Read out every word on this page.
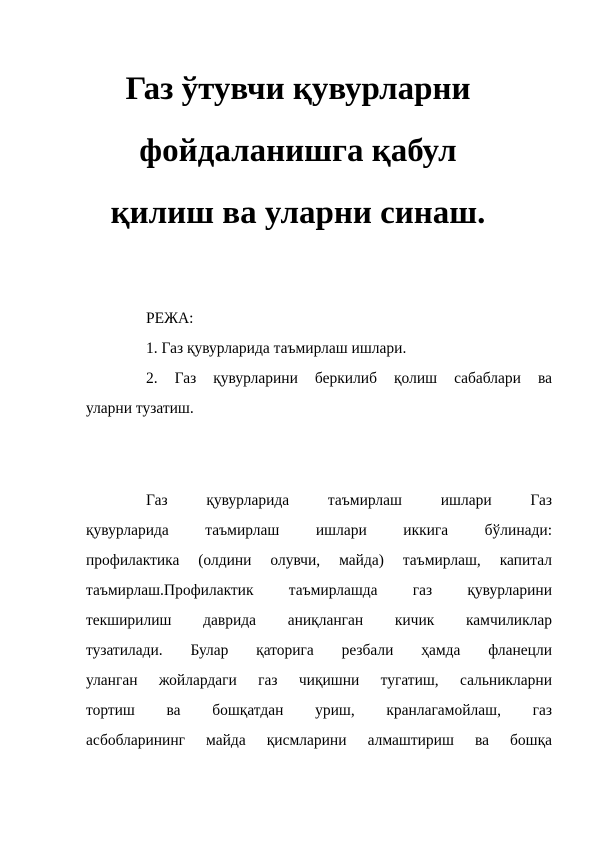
Газ ўтувчи қувурларни
фойдаланишга қабул
қилиш ва уларни синаш.
РЕЖА:
1. Газ қувурларида таъмирлаш ишлари.
2. Газ қувурларини беркилиб қолиш сабаблари ва
уларни тузатиш.
Газ қувурларида таъмирлаш ишлари Газ
қувурларида таъмирлаш ишлари иккига бўлинади:
профилактика (олдини олувчи, майда) таъмирлаш, капитал
таъмирлаш.Профилактик таъмирлашда газ қувурларини
текширилиш даврида аниқланган кичик камчиликлар
тузатилади. Булар қаторига резбали ҳамда фланецли
уланган жойлардаги газ чиқишни тугатиш, сальникларни
тортиш ва бошқатдан уриш, кранлагамойлаш, газ
асбобларининг майда қисмларини алмаштириш ва бошқа
